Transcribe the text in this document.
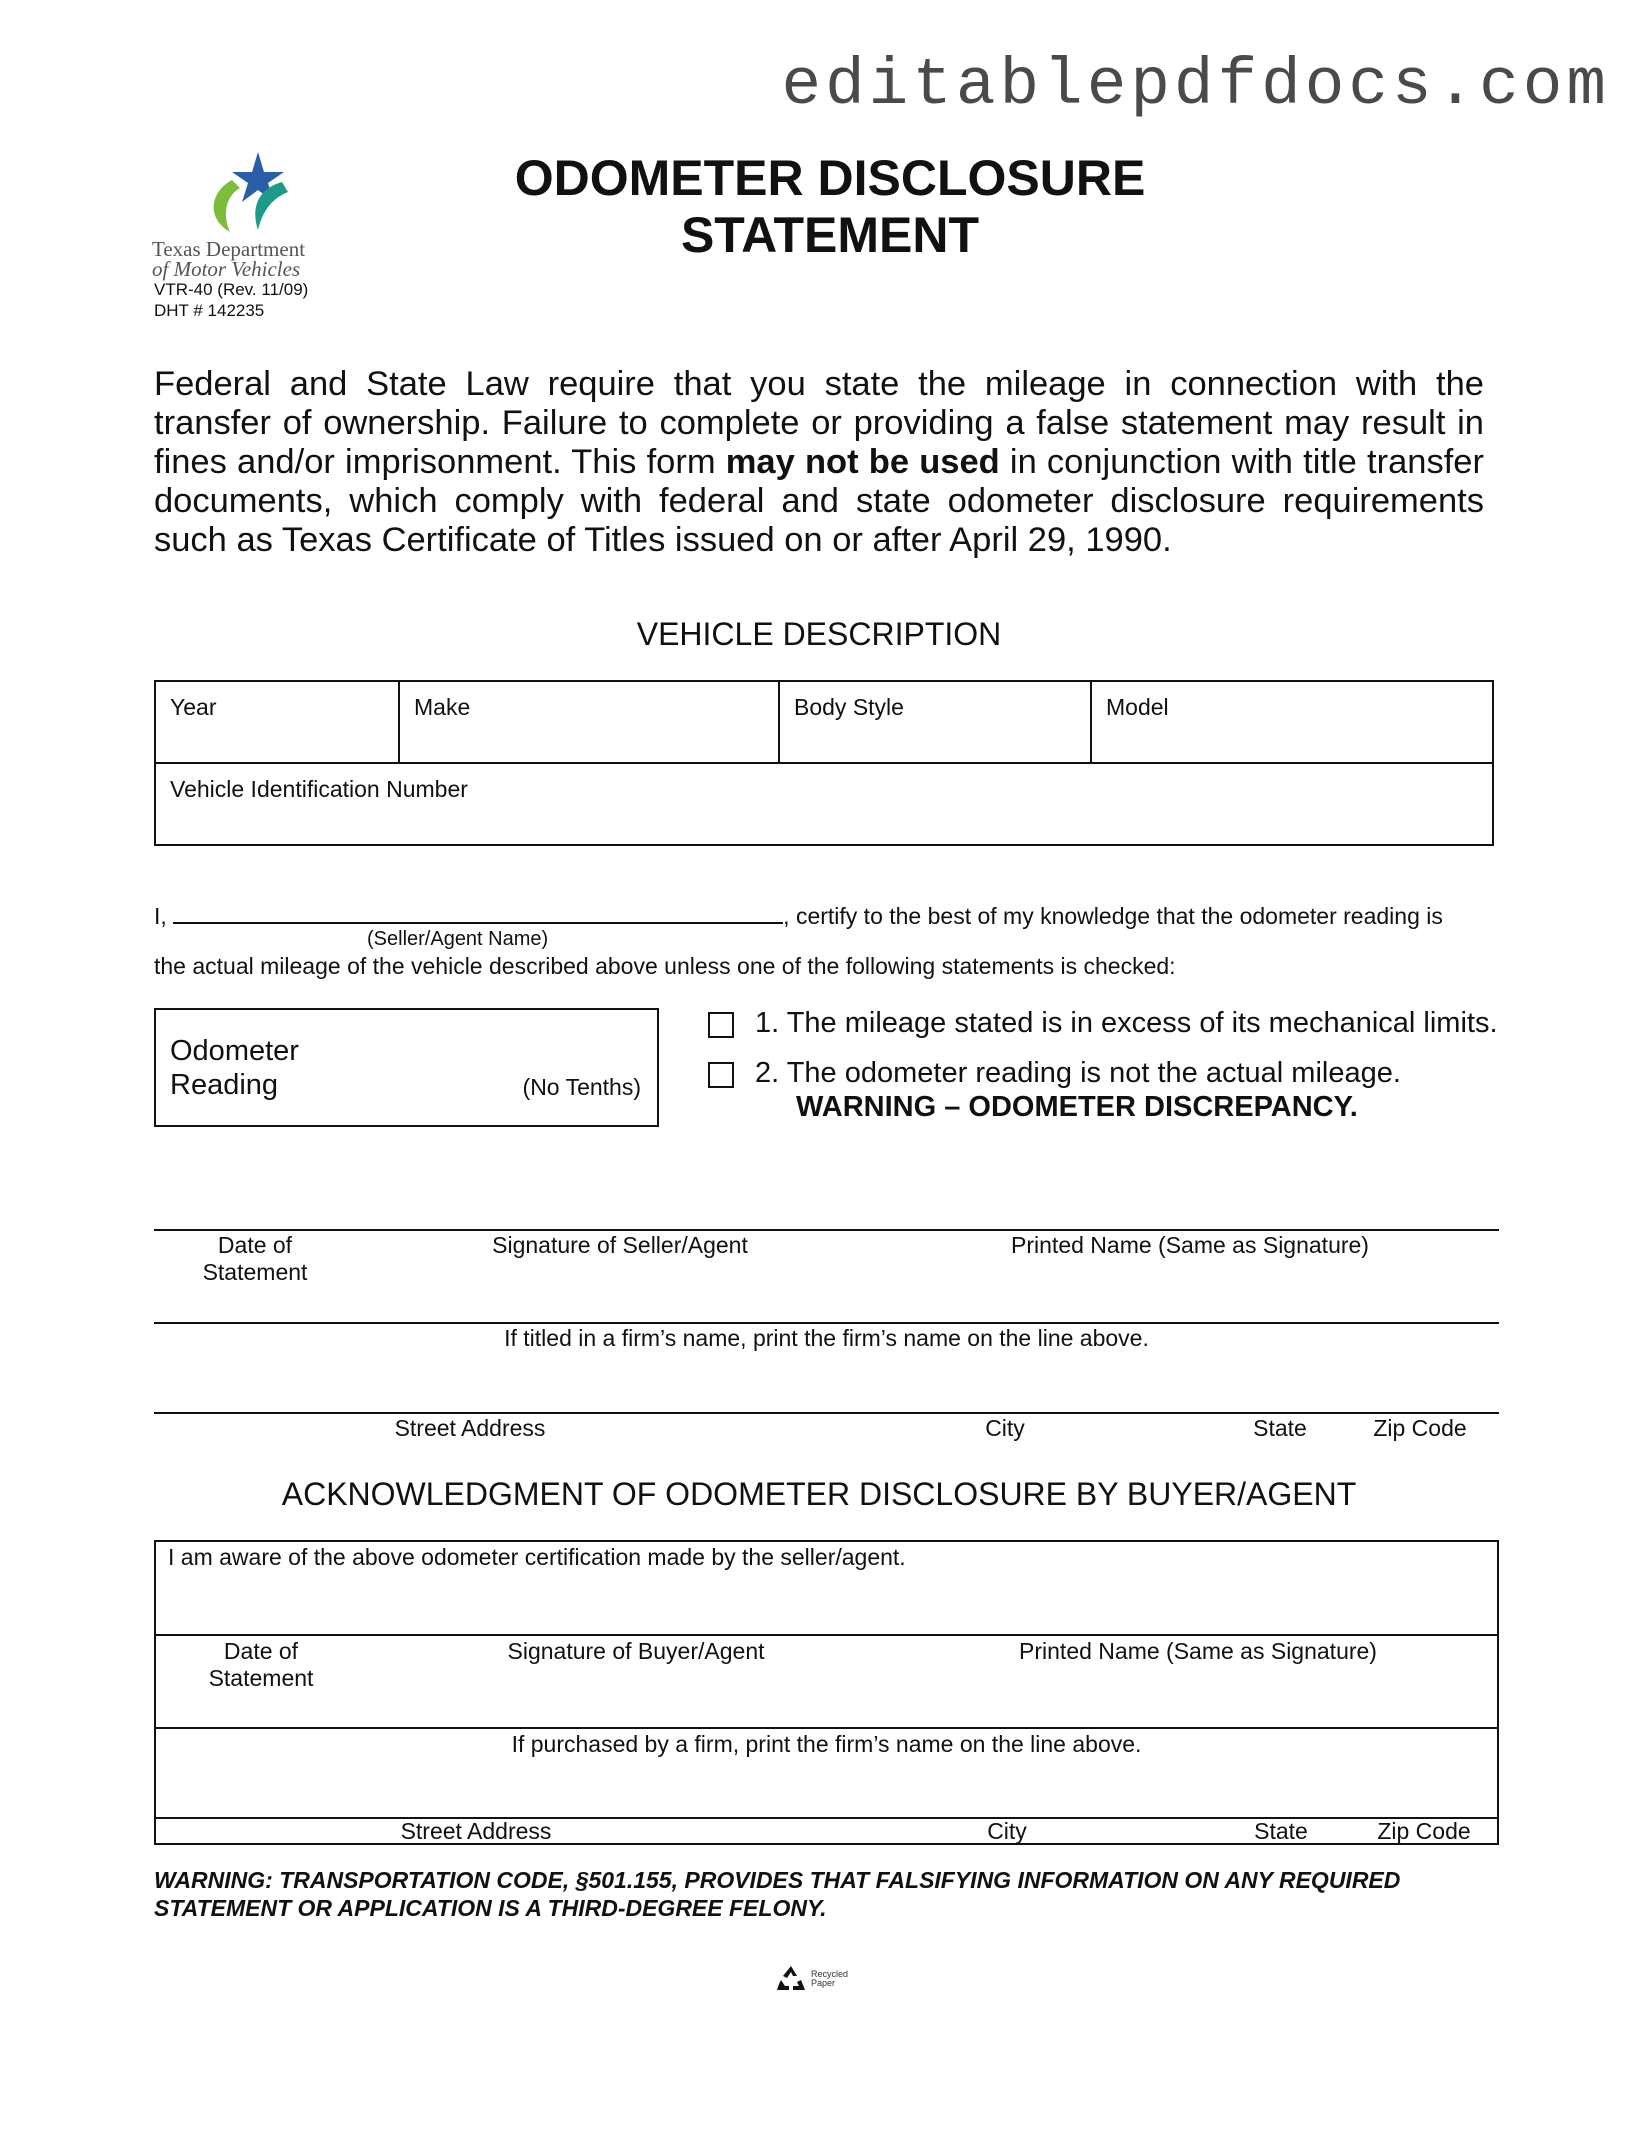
editablepdfdocs.com
Texas Department
of Motor Vehicles
VTR-40 (Rev. 11/09)
DHT # 142235
ODOMETER DISCLOSURE
STATEMENT
Federal and State Law require that you state the mileage in connection with the transfer of ownership. Failure to complete or providing a false statement may result in fines and/or imprisonment. This form may not be used in conjunction with title transfer documents, which comply with federal and state odometer disclosure requirements such as Texas Certificate of Titles issued on or after April 29, 1990.
VEHICLE DESCRIPTION
Year	Make	Body Style	Model
Vehicle Identification Number
I,	, certify to the best of my knowledge that the odometer reading is
(Seller/Agent Name)
the actual mileage of the vehicle described above unless one of the following statements is checked:
Odometer
Reading	(No Tenths)
1. The mileage stated is in excess of its mechanical limits.
2. The odometer reading is not the actual mileage.
WARNING – ODOMETER DISCREPANCY.
Date of
Statement
Signature of Seller/Agent	Printed Name (Same as Signature)
If titled in a firm’s name, print the firm’s name on the line above.
Street Address	City	State	Zip Code
ACKNOWLEDGMENT OF ODOMETER DISCLOSURE BY BUYER/AGENT
I am aware of the above odometer certification made by the seller/agent.
Date of
Statement
Signature of Buyer/Agent	Printed Name (Same as Signature)
If purchased by a firm, print the firm’s name on the line above.
Street Address	City	State	Zip Code
WARNING: TRANSPORTATION CODE, §501.155, PROVIDES THAT FALSIFYING INFORMATION ON ANY REQUIRED
STATEMENT OR APPLICATION IS A THIRD-DEGREE FELONY.
Recycled
Paper
